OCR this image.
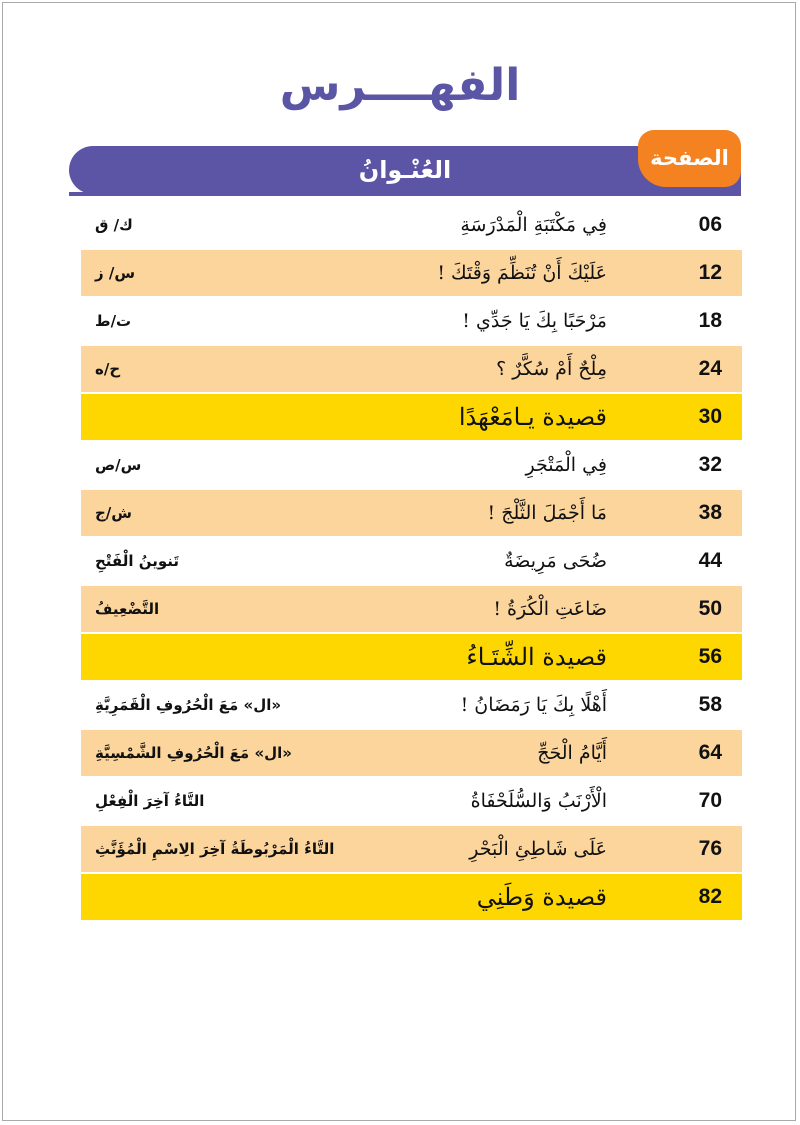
الفهــــرس
العُنْـوانُ	الصفحة
06
فِي مَكْتَبَةِ الْمَدْرَسَةِ
ك/ ق
12
عَلَيْكَ أَنْ تُنَظِّمَ وَقْتَكَ !
س/ ز
18
مَرْحَبًا بِكَ يَا جَدِّي !
ت/ط
24
مِلْحٌ أَمْ سُكَّرٌ ؟
ح/ه
30
قصيدة يـامَعْهَدًا
32
فِي الْمَتْجَرِ
س/ص
38
مَا أَجْمَلَ الثَّلْجَ !
ش/ج
44
ضُحَى مَرِيضَةٌ
تَنوينُ الْفَتْحِ
50
ضَاعَتِ الْكُرَةُ !
التَّضْعِيفُ
56
قصيدة الشِّتَـاءُ
58
أَهْلًا بِكَ يَا رَمَضَانُ !
«ال» مَعَ الْحُرُوفِ الْقَمَرِيَّةِ
64
أَيَّامُ الْحَجِّ
«ال» مَعَ الْحُرُوفِ الشَّمْسِيَّةِ
70
الْأَرْنَبُ وَالسُّلَحْفَاةُ
التَّاءُ آخِرَ الْفِعْلِ
76
عَلَى شَاطِئِ الْبَحْرِ
التَّاءُ الْمَرْبُوطَةُ آخِرَ الِاسْمِ الْمُؤَنَّثِ
82
قصيدة وَطَنِي
